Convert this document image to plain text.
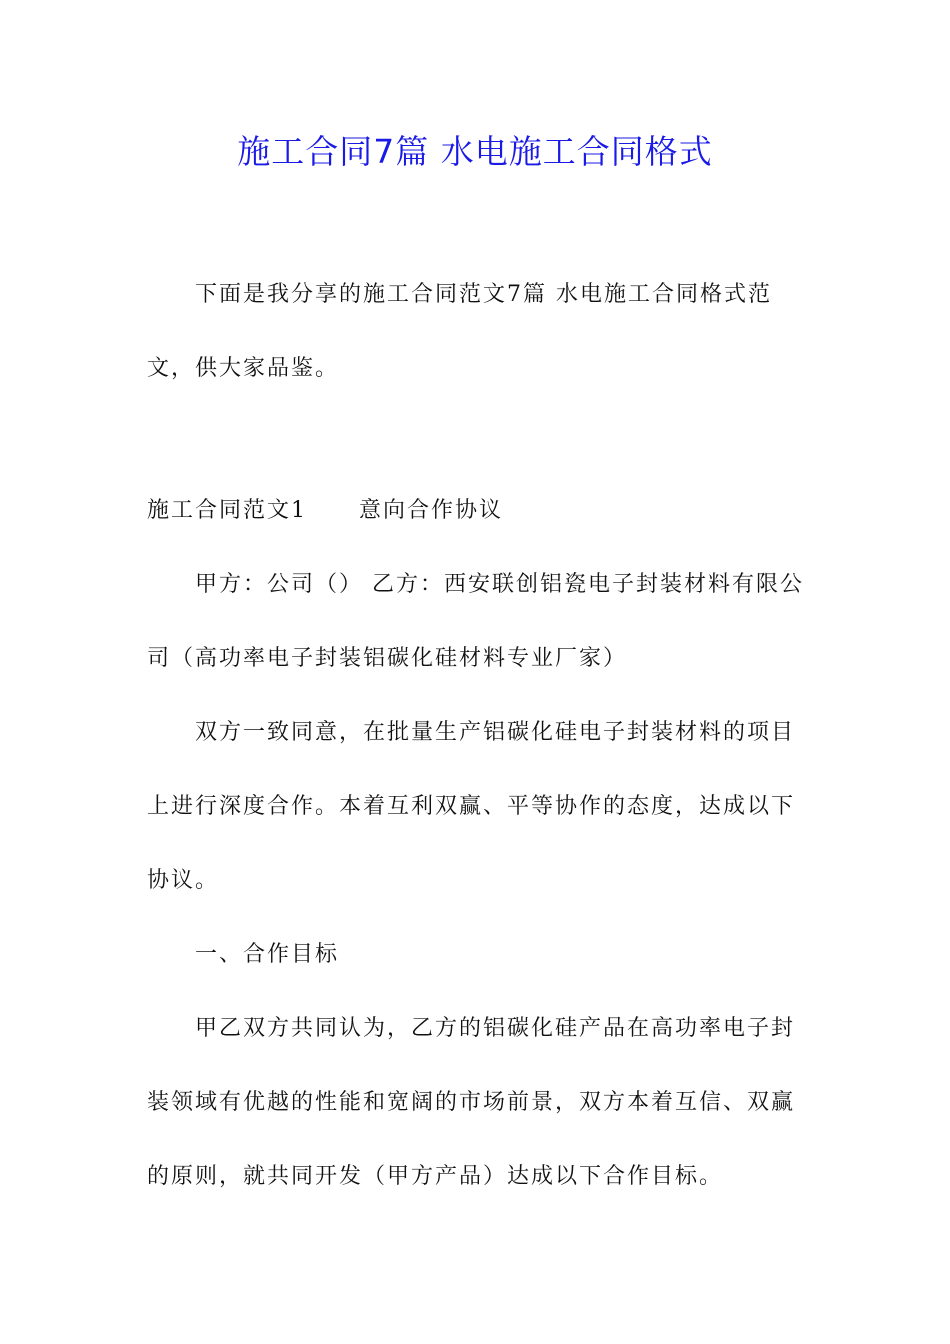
施工合同7篇 水电施工合同格式

下面是我分享的施工合同范文7篇 水电施工合同格式范文，供大家品鉴。

施工合同范文1 意向合作协议

甲方：公司（） 乙方：西安联创铝瓷电子封装材料有限公司（高功率电子封装铝碳化硅材料专业厂家）

双方一致同意，在批量生产铝碳化硅电子封装材料的项目上进行深度合作。本着互利双赢、平等协作的态度，达成以下协议。

一、合作目标

甲乙双方共同认为，乙方的铝碳化硅产品在高功率电子封装领域有优越的性能和宽阔的市场前景，双方本着互信、双赢的原则，就共同开发（甲方产品）达成以下合作目标。
